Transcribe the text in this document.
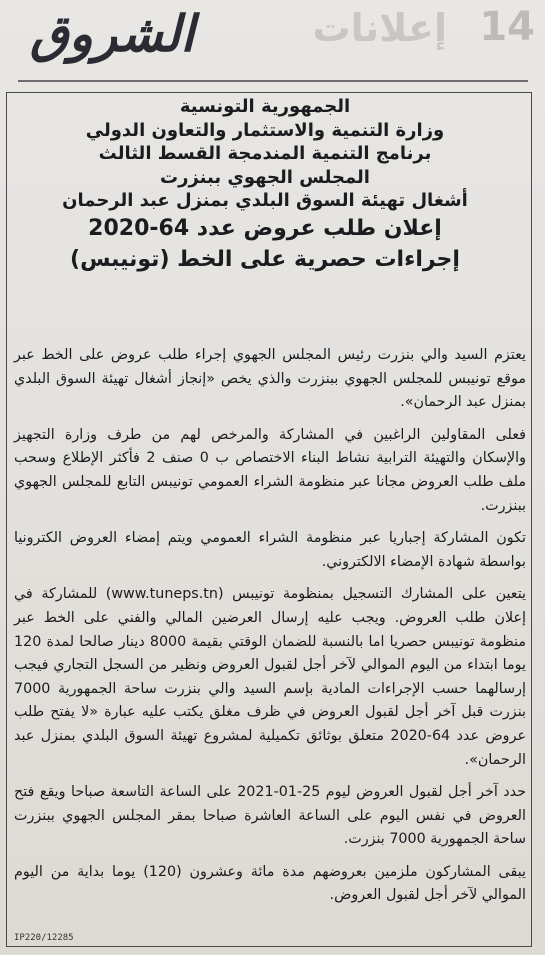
14
إعلانات
الشروق
الجمهورية التونسية
وزارة التنمية والاستثمار والتعاون الدولي
برنامج التنمية المندمجة القسط الثالث
المجلس الجهوي ببنزرت
أشغال تهيئة السوق البلدي بمنزل عبد الرحمان
إعلان طلب عروض عدد 64-2020
إجراءات حصرية على الخط (تونيبس)

يعتزم السيد والي بنزرت رئيس المجلس الجهوي إجراء طلب عروض على الخط عبر موقع تونيبس للمجلس الجهوي ببنزرت والذي يخص «إنجاز أشغال تهيئة السوق البلدي بمنزل عبد الرحمان».

فعلى المقاولين الراغبين في المشاركة والمرخص لهم من طرف وزارة التجهيز والإسكان والتهيئة الترابية نشاط البناء الاختصاص ب 0 صنف 2 فأكثر الإطلاع وسحب ملف طلب العروض مجانا عبر منظومة الشراء العمومي تونيبس التابع للمجلس الجهوي ببنزرت.

تكون المشاركة إجباريا عبر منظومة الشراء العمومي ويتم إمضاء العروض الكترونيا بواسطة شهادة الإمضاء الالكتروني.

يتعين على المشارك التسجيل بمنظومة تونيبس (www.tuneps.tn) للمشاركة في إعلان طلب العروض. ويجب عليه إرسال العرضين المالي والفني على الخط عبر منظومة تونيبس حصريا اما بالنسبة للضمان الوقتي بقيمة 8000 دينار صالحا لمدة 120 يوما ابتداء من اليوم الموالي لآخر أجل لقبول العروض ونظير من السجل التجاري فيجب إرسالهما حسب الإجراءات المادية بإسم السيد والي بنزرت ساحة الجمهورية 7000 بنزرت قبل آخر أجل لقبول العروض في ظرف مغلق يكتب عليه عبارة «لا يفتح طلب عروض عدد 64-2020 متعلق بوثائق تكميلية لمشروع تهيئة السوق البلدي بمنزل عبد الرحمان».

حدد آخر أجل لقبول العروض ليوم 25-01-2021 على الساعة التاسعة صباحا ويقع فتح العروض في نفس اليوم على الساعة العاشرة صباحا بمقر المجلس الجهوي ببنزرت ساحة الجمهورية 7000 بنزرت.

يبقى المشاركون ملزمين بعروضهم مدة مائة وعشرون (120) يوما بداية من اليوم الموالي لآخر أجل لقبول العروض.

IP220/12285
